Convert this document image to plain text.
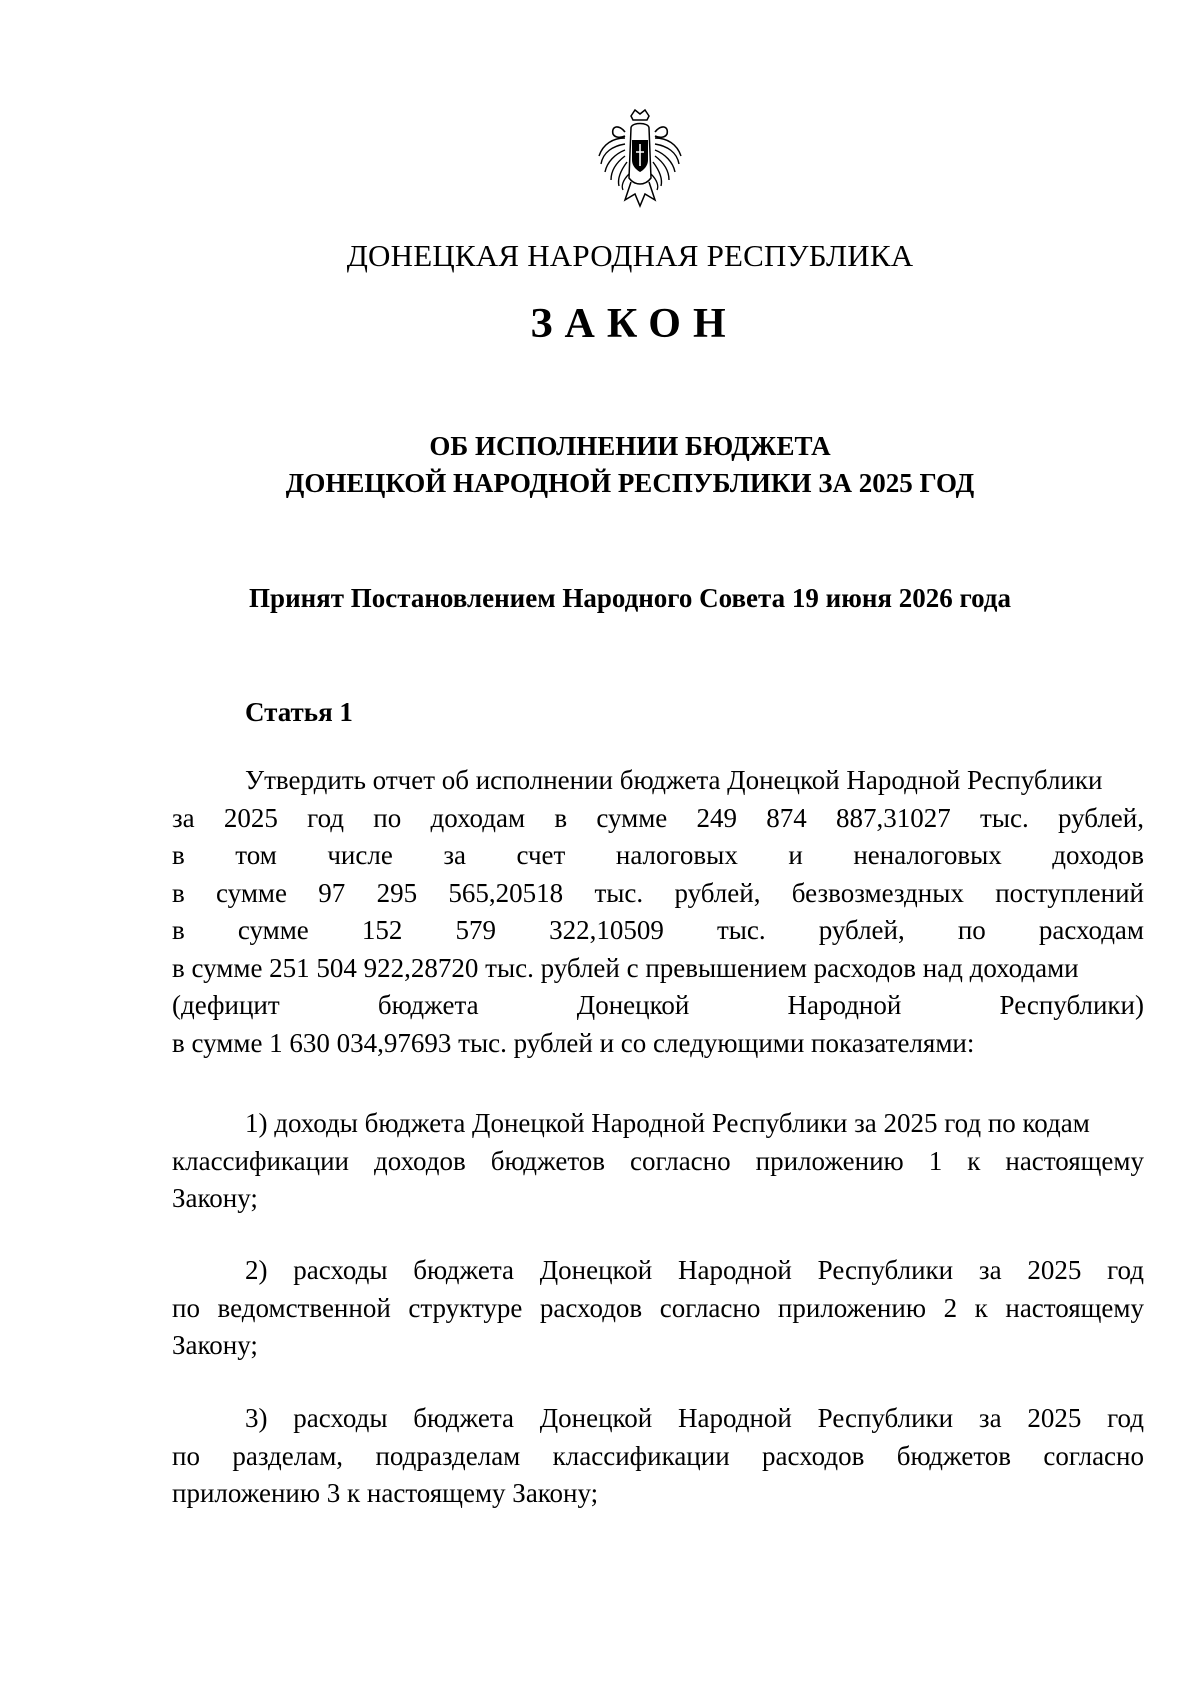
ДОНЕЦКАЯ НАРОДНАЯ РЕСПУБЛИКА
ЗАКОН
ОБ ИСПОЛНЕНИИ БЮДЖЕТА
ДОНЕЦКОЙ НАРОДНОЙ РЕСПУБЛИКИ ЗА 2025 ГОД
Принят Постановлением Народного Совета 19 июня 2026 года
Статья 1
Утвердить отчет об исполнении бюджета Донецкой Народной Республики
за 2025 год по доходам в сумме 249 874 887,31027 тыс. рублей,
в том числе за счет налоговых и неналоговых доходов
в сумме 97 295 565,20518 тыс. рублей, безвозмездных поступлений
в сумме 152 579 322,10509 тыс. рублей, по расходам
в сумме 251 504 922,28720 тыс. рублей с превышением расходов над доходами
(дефицит бюджета Донецкой Народной Республики)
в сумме 1 630 034,97693 тыс. рублей и со следующими показателями:
1) доходы бюджета Донецкой Народной Республики за 2025 год по кодам
классификации доходов бюджетов согласно приложению 1 к настоящему
Закону;
2) расходы бюджета Донецкой Народной Республики за 2025 год
по ведомственной структуре расходов согласно приложению 2 к настоящему
Закону;
3) расходы бюджета Донецкой Народной Республики за 2025 год
по разделам, подразделам классификации расходов бюджетов согласно
приложению 3 к настоящему Закону;
